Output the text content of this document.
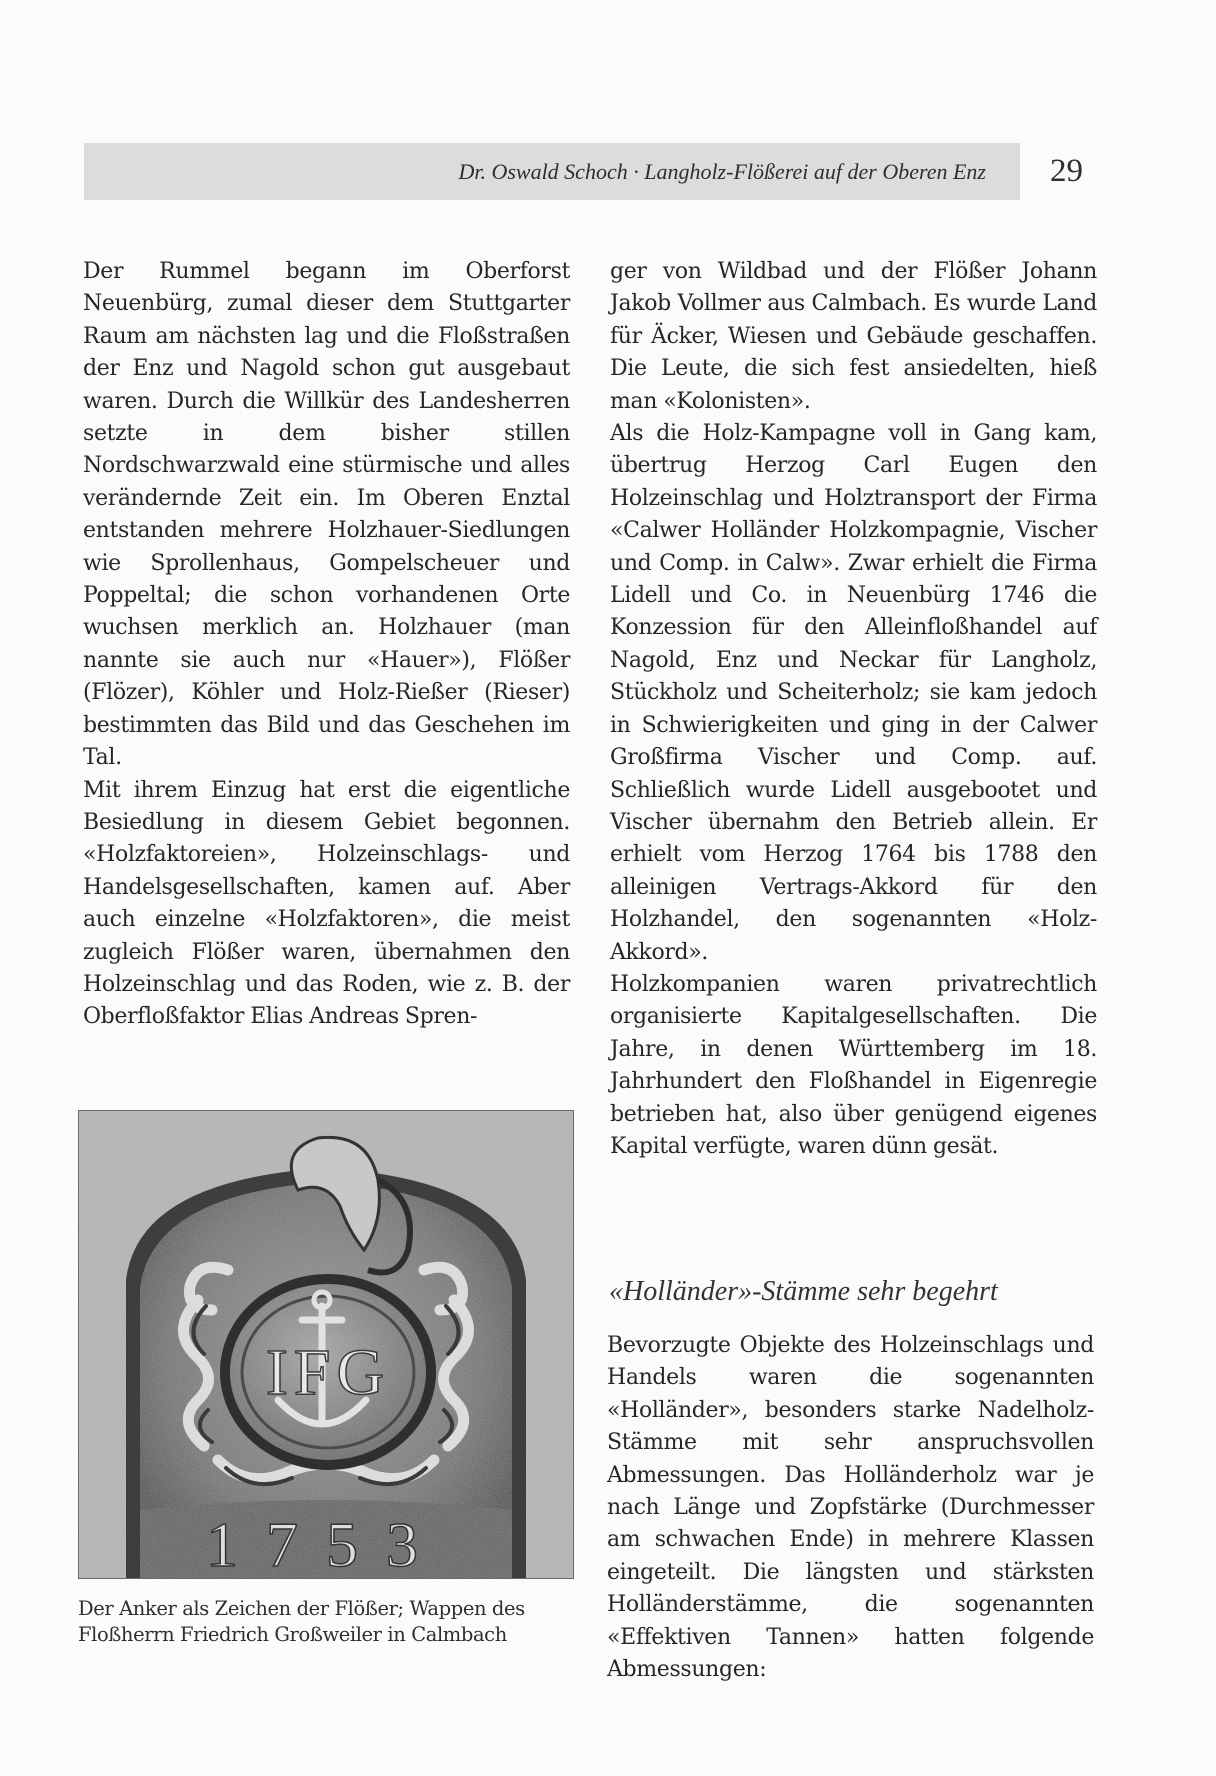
Dr. Oswald Schoch · Langholz-Flößerei auf der Oberen Enz 29

Der Rummel begann im Oberforst Neuenbürg, zumal dieser dem Stuttgarter Raum am nächsten lag und die Floßstraßen der Enz und Nagold schon gut ausgebaut waren. Durch die Willkür des Landesherren setzte in dem bisher stillen Nordschwarzwald eine stürmische und alles verändernde Zeit ein. Im Oberen Enztal entstanden mehrere Holzhauer-Siedlungen wie Sprollenhaus, Gompelscheuer und Poppeltal; die schon vorhandenen Orte wuchsen merklich an. Holzhauer (man nannte sie auch nur «Hauer»), Flößer (Flözer), Köhler und Holz-Rießer (Rieser) bestimmten das Bild und das Geschehen im Tal.

Mit ihrem Einzug hat erst die eigentliche Besiedlung in diesem Gebiet begonnen. «Holzfaktoreien», Holzeinschlags- und Handelsgesellschaften, kamen auf. Aber auch einzelne «Holzfaktoren», die meist zugleich Flößer waren, übernahmen den Holzeinschlag und das Roden, wie z. B. der Oberfloßfaktor Elias Andreas Spren-

IFG
1753

Der Anker als Zeichen der Flößer; Wappen des
Floßherrn Friedrich Großweiler in Calmbach

ger von Wildbad und der Flößer Johann Jakob Vollmer aus Calmbach. Es wurde Land für Äcker, Wiesen und Gebäude geschaffen. Die Leute, die sich fest ansiedelten, hieß man «Kolonisten».

Als die Holz-Kampagne voll in Gang kam, übertrug Herzog Carl Eugen den Holzeinschlag und Holztransport der Firma «Calwer Holländer Holzkompagnie, Vischer und Comp. in Calw». Zwar erhielt die Firma Lidell und Co. in Neuenbürg 1746 die Konzession für den Alleinfloßhandel auf Nagold, Enz und Neckar für Langholz, Stückholz und Scheiterholz; sie kam jedoch in Schwierigkeiten und ging in der Calwer Großfirma Vischer und Comp. auf. Schließlich wurde Lidell ausgebootet und Vischer übernahm den Betrieb allein. Er erhielt vom Herzog 1764 bis 1788 den alleinigen Vertrags-Akkord für den Holzhandel, den sogenannten «Holz-Akkord».

Holzkompanien waren privatrechtlich organisierte Kapitalgesellschaften. Die Jahre, in denen Württemberg im 18. Jahrhundert den Floßhandel in Eigenregie betrieben hat, also über genügend eigenes Kapital verfügte, waren dünn gesät.

«Holländer»-Stämme sehr begehrt

Bevorzugte Objekte des Holzeinschlags und Handels waren die sogenannten «Holländer», besonders starke Nadelholz-Stämme mit sehr anspruchsvollen Abmessungen. Das Holländerholz war je nach Länge und Zopfstärke (Durchmesser am schwachen Ende) in mehrere Klassen eingeteilt. Die längsten und stärksten Holländerstämme, die sogenannten «Effektiven Tannen» hatten folgende Abmessungen:
